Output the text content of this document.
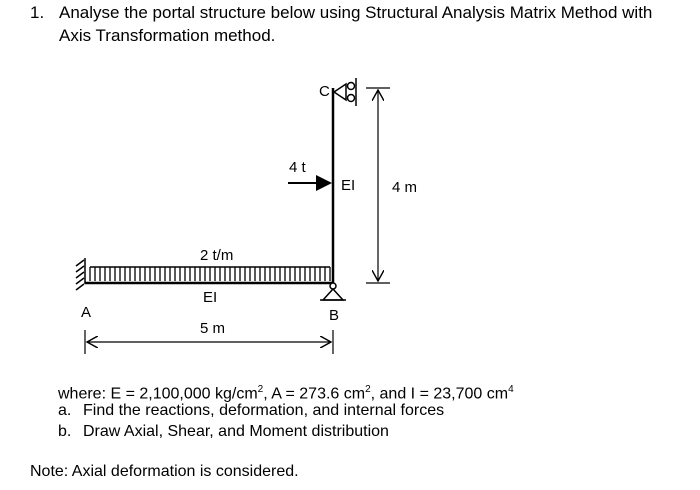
1. Analyse the portal structure below using Structural Analysis Matrix Method with
Axis Transformation method.
C
4 t
EI 4 m
2 t/m
EI
A	B
5 m
where: E = 2,100,000 $kg/cm^2$, A = 273.6 $cm^2$, and I = 23,700 $cm^4$
a. Find the reactions, deformation, and internal forces
b. Draw Axial, Shear, and Moment distribution
Note: Axial deformation is considered.
